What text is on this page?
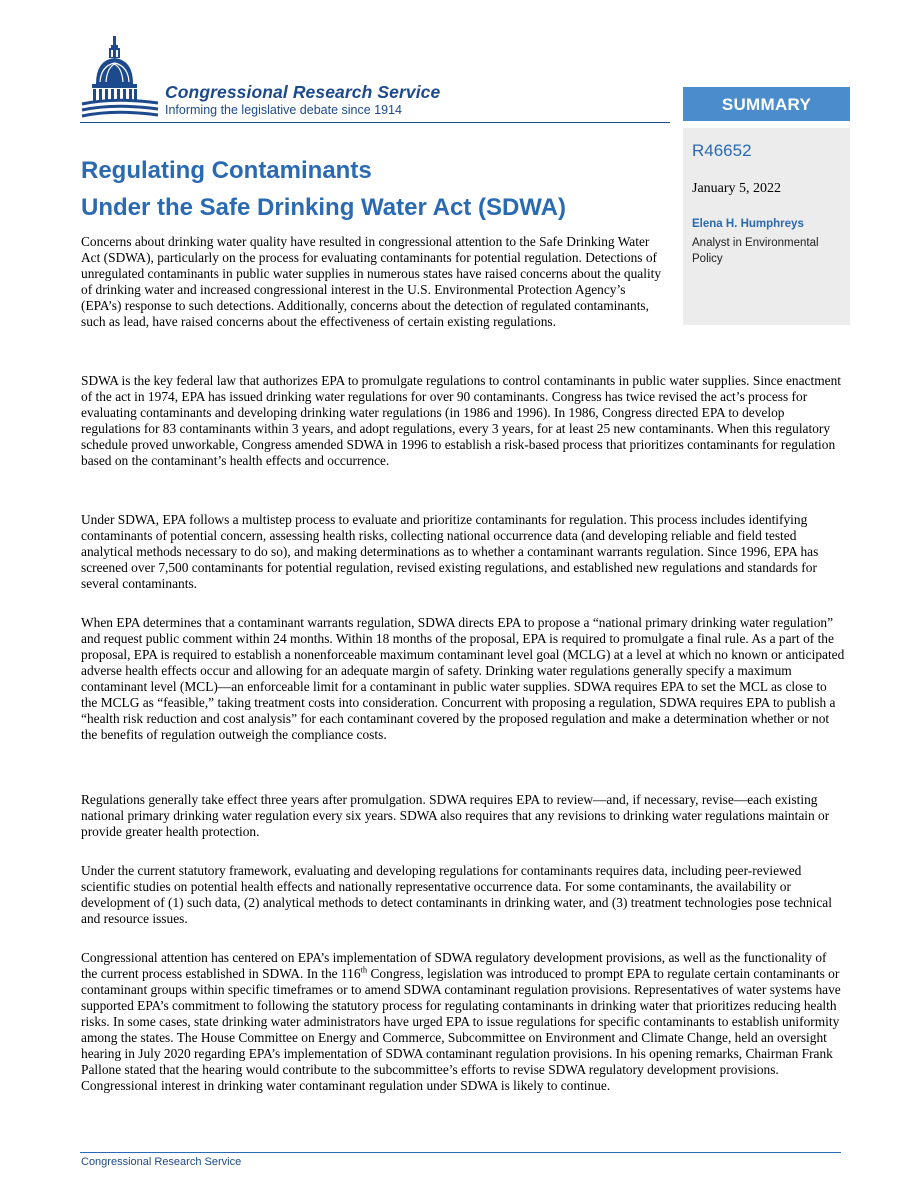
Congressional Research Service
Informing the legislative debate since 1914	SUMMARY
R46652
January 5, 2022
Elena H. Humphreys
Analyst in Environmental Policy
Regulating Contaminants
Under the Safe Drinking Water Act (SDWA)

Concerns about drinking water quality have resulted in congressional attention to the Safe Drinking Water Act (SDWA), particularly on the process for evaluating contaminants for potential regulation. Detections of unregulated contaminants in public water supplies in numerous states have raised concerns about the quality of drinking water and increased congressional interest in the U.S. Environmental Protection Agency’s (EPA’s) response to such detections. Additionally, concerns about the detection of regulated contaminants, such as lead, have raised concerns about the effectiveness of certain existing regulations.

SDWA is the key federal law that authorizes EPA to promulgate regulations to control contaminants in public water supplies. Since enactment of the act in 1974, EPA has issued drinking water regulations for over 90 contaminants. Congress has twice revised the act’s process for evaluating contaminants and developing drinking water regulations (in 1986 and 1996). In 1986, Congress directed EPA to develop regulations for 83 contaminants within 3 years, and adopt regulations, every 3 years, for at least 25 new contaminants. When this regulatory schedule proved unworkable, Congress amended SDWA in 1996 to establish a risk-based process that prioritizes contaminants for regulation based on the contaminant’s health effects and occurrence.

Under SDWA, EPA follows a multistep process to evaluate and prioritize contaminants for regulation. This process includes identifying contaminants of potential concern, assessing health risks, collecting national occurrence data (and developing reliable and field tested analytical methods necessary to do so), and making determinations as to whether a contaminant warrants regulation. Since 1996, EPA has screened over 7,500 contaminants for potential regulation, revised existing regulations, and established new regulations and standards for several contaminants.

When EPA determines that a contaminant warrants regulation, SDWA directs EPA to propose a “national primary drinking water regulation” and request public comment within 24 months. Within 18 months of the proposal, EPA is required to promulgate a final rule. As a part of the proposal, EPA is required to establish a nonenforceable maximum contaminant level goal (MCLG) at a level at which no known or anticipated adverse health effects occur and allowing for an adequate margin of safety. Drinking water regulations generally specify a maximum contaminant level (MCL)—an enforceable limit for a contaminant in public water supplies. SDWA requires EPA to set the MCL as close to the MCLG as “feasible,” taking treatment costs into consideration. Concurrent with proposing a regulation, SDWA requires EPA to publish a “health risk reduction and cost analysis” for each contaminant covered by the proposed regulation and make a determination whether or not the benefits of regulation outweigh the compliance costs.

Regulations generally take effect three years after promulgation. SDWA requires EPA to review—and, if necessary, revise—each existing national primary drinking water regulation every six years. SDWA also requires that any revisions to drinking water regulations maintain or provide greater health protection.

Under the current statutory framework, evaluating and developing regulations for contaminants requires data, including peer-reviewed scientific studies on potential health effects and nationally representative occurrence data. For some contaminants, the availability or development of (1) such data, (2) analytical methods to detect contaminants in drinking water, and (3) treatment technologies pose technical and resource issues.

Congressional attention has centered on EPA’s implementation of SDWA regulatory development provisions, as well as the functionality of the current process established in SDWA. In the 116th Congress, legislation was introduced to prompt EPA to regulate certain contaminants or contaminant groups within specific timeframes or to amend SDWA contaminant regulation provisions. Representatives of water systems have supported EPA’s commitment to following the statutory process for regulating contaminants in drinking water that prioritizes reducing health risks. In some cases, state drinking water administrators have urged EPA to issue regulations for specific contaminants to establish uniformity among the states. The House Committee on Energy and Commerce, Subcommittee on Environment and Climate Change, held an oversight hearing in July 2020 regarding EPA’s implementation of SDWA contaminant regulation provisions. In his opening remarks, Chairman Frank Pallone stated that the hearing would contribute to the subcommittee’s efforts to revise SDWA regulatory development provisions. Congressional interest in drinking water contaminant regulation under SDWA is likely to continue.

Congressional Research Service
